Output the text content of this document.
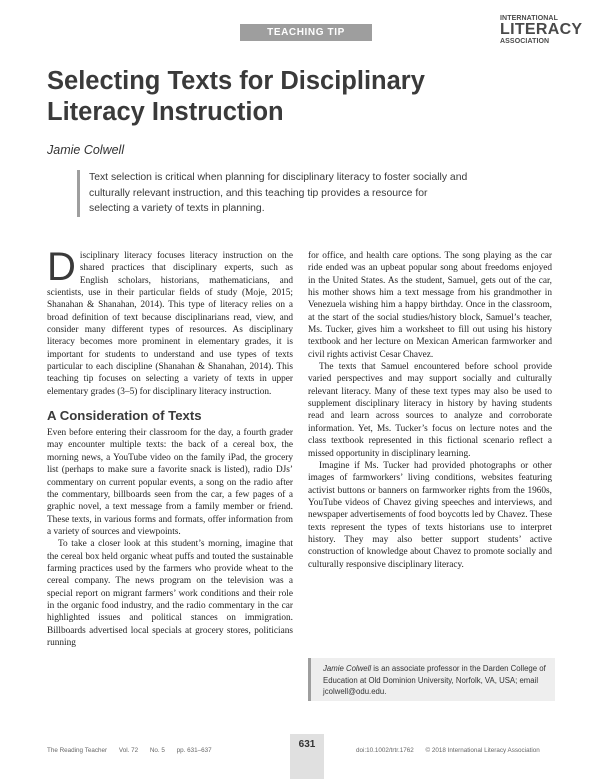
TEACHING TIP
INTERNATIONAL
LITERACY
ASSOCIATION
Selecting Texts for Disciplinary Literacy Instruction
Jamie Colwell
Text selection is critical when planning for disciplinary literacy to foster socially and culturally relevant instruction, and this teaching tip provides a resource for selecting a variety of texts in planning.

Disciplinary literacy focuses literacy instruction on the shared practices that disciplinary experts, such as English scholars, historians, mathematicians, and scientists, use in their particular fields of study (Moje, 2015; Shanahan & Shanahan, 2014). This type of literacy relies on a broad definition of text because disciplinarians read, view, and consider many different types of resources. As disciplinary literacy becomes more prominent in elementary grades, it is important for students to understand and use types of texts particular to each discipline (Shanahan & Shanahan, 2014). This teaching tip focuses on selecting a variety of texts in upper elementary grades (3–5) for disciplinary literacy instruction.

A Consideration of Texts

Even before entering their classroom for the day, a fourth grader may encounter multiple texts: the back of a cereal box, the morning news, a YouTube video on the family iPad, the grocery list (perhaps to make sure a favorite snack is listed), radio DJs’ commentary on current popular events, a song on the radio after the commentary, billboards seen from the car, a few pages of a graphic novel, a text message from a family member or friend. These texts, in various forms and formats, offer information from a variety of sources and viewpoints.

To take a closer look at this student’s morning, imagine that the cereal box held organic wheat puffs and touted the sustainable farming practices used by the farmers who provide wheat to the cereal company. The news program on the television was a special report on migrant farmers’ work conditions and their role in the organic food industry, and the radio commentary in the car highlighted issues and political stances on immigration. Billboards advertised local specials at grocery stores, politicians running

for office, and health care options. The song playing as the car ride ended was an upbeat popular song about freedoms enjoyed in the United States. As the student, Samuel, gets out of the car, his mother shows him a text message from his grandmother in Venezuela wishing him a happy birthday. Once in the classroom, at the start of the social studies/history block, Samuel’s teacher, Ms. Tucker, gives him a worksheet to fill out using his history textbook and her lecture on Mexican American farmworker and civil rights activist Cesar Chavez.

The texts that Samuel encountered before school provide varied perspectives and may support socially and culturally relevant literacy. Many of these text types may also be used to supplement disciplinary literacy in history by having students read and learn across sources to analyze and corroborate information. Yet, Ms. Tucker’s focus on lecture notes and the class textbook represented in this fictional scenario reflect a missed opportunity in disciplinary learning.

Imagine if Ms. Tucker had provided photographs or other images of farmworkers’ living conditions, websites featuring activist buttons or banners on farmworker rights from the 1960s, YouTube videos of Chavez giving speeches and interviews, and newspaper advertisements of food boycotts led by Chavez. These texts represent the types of texts historians use to interpret history. They may also better support students’ active construction of knowledge about Chavez to promote socially and culturally responsive disciplinary literacy.

Jamie Colwell is an associate professor in the Darden College of Education at Old Dominion University, Norfolk, VA, USA; email jcolwell@odu.edu.

The Reading Teacher Vol. 72 No. 5 pp. 631–637
631
doi:10.1002/trtr.1762 © 2018 International Literacy Association
